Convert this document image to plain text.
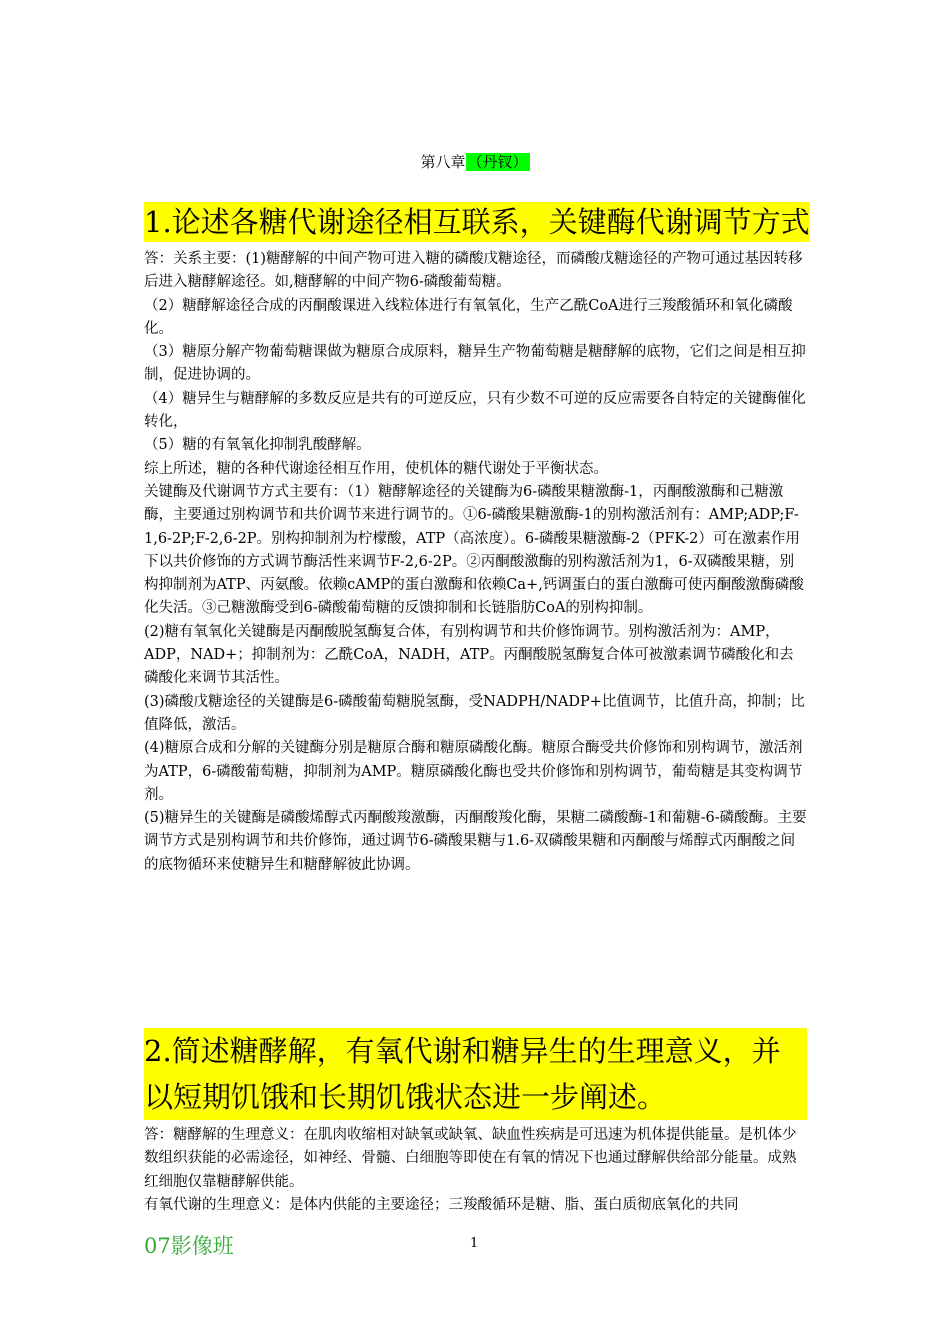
第八章 （丹钗）
1.论述各糖代谢途径相互联系，关键酶代谢调节方式

答：关系主要：(1)糖酵解的中间产物可进入糖的磷酸戊糖途径，而磷酸戊糖途径的产物可通过基因转移后进入糖酵解途径。如,糖酵解的中间产物6-磷酸葡萄糖。

（2）糖酵解途径合成的丙酮酸课进入线粒体进行有氧氧化，生产乙酰CoA进行三羧酸循环和氧化磷酸化。

（3）糖原分解产物葡萄糖课做为糖原合成原料，糖异生产物葡萄糖是糖酵解的底物，它们之间是相互抑制，促进协调的。

（4）糖异生与糖酵解的多数反应是共有的可逆反应，只有少数不可逆的反应需要各自特定的关键酶催化转化，

（5）糖的有氧氧化抑制乳酸酵解。

综上所述，糖的各种代谢途径相互作用，使机体的糖代谢处于平衡状态。

关键酶及代谢调节方式主要有：（1）糖酵解途径的关键酶为6-磷酸果糖激酶-1，丙酮酸激酶和己糖激酶，主要通过别构调节和共价调节来进行调节的。①6-磷酸果糖激酶-1的别构激活剂有：AMP;ADP;F-1,6-2P;F-2,6-2P。别构抑制剂为柠檬酸，ATP（高浓度）。6-磷酸果糖激酶-2（PFK-2）可在激素作用下以共价修饰的方式调节酶活性来调节F-2,6-2P。②丙酮酸激酶的别构激活剂为1，6-双磷酸果糖，别构抑制剂为ATP、丙氨酸。依赖cAMP的蛋白激酶和依赖Ca+,钙调蛋白的蛋白激酶可使丙酮酸激酶磷酸化失活。③己糖激酶受到6-磷酸葡萄糖的反馈抑制和长链脂肪CoA的别构抑制。

(2)糖有氧氧化关键酶是丙酮酸脱氢酶复合体，有别构调节和共价修饰调节。别构激活剂为：AMP，ADP，NAD+；抑制剂为：乙酰CoA，NADH，ATP。丙酮酸脱氢酶复合体可被激素调节磷酸化和去磷酸化来调节其活性。

(3)磷酸戊糖途径的关键酶是6-磷酸葡萄糖脱氢酶，受NADPH/NADP+比值调节，比值升高，抑制；比值降低，激活。

(4)糖原合成和分解的关键酶分别是糖原合酶和糖原磷酸化酶。糖原合酶受共价修饰和别构调节，激活剂为ATP，6-磷酸葡萄糖，抑制剂为AMP。糖原磷酸化酶也受共价修饰和别构调节，葡萄糖是其变构调节剂。

(5)糖异生的关键酶是磷酸烯醇式丙酮酸羧激酶，丙酮酸羧化酶，果糖二磷酸酶-1和葡糖-6-磷酸酶。主要调节方式是别构调节和共价修饰，通过调节6-磷酸果糖与1.6-双磷酸果糖和丙酮酸与烯醇式丙酮酸之间的底物循环来使糖异生和糖酵解彼此协调。

2.简述糖酵解，有氧代谢和糖异生的生理意义，并以短期饥饿和长期饥饿状态进一步阐述。

答：糖酵解的生理意义：在肌肉收缩相对缺氧或缺氧、缺血性疾病是可迅速为机体提供能量。是机体少数组织获能的必需途径，如神经、骨髓、白细胞等即使在有氧的情况下也通过酵解供给部分能量。成熟红细胞仅靠糖酵解供能。

有氧代谢的生理意义：是体内供能的主要途径；三羧酸循环是糖、脂、蛋白质彻底氧化的共同

07影像班	1
